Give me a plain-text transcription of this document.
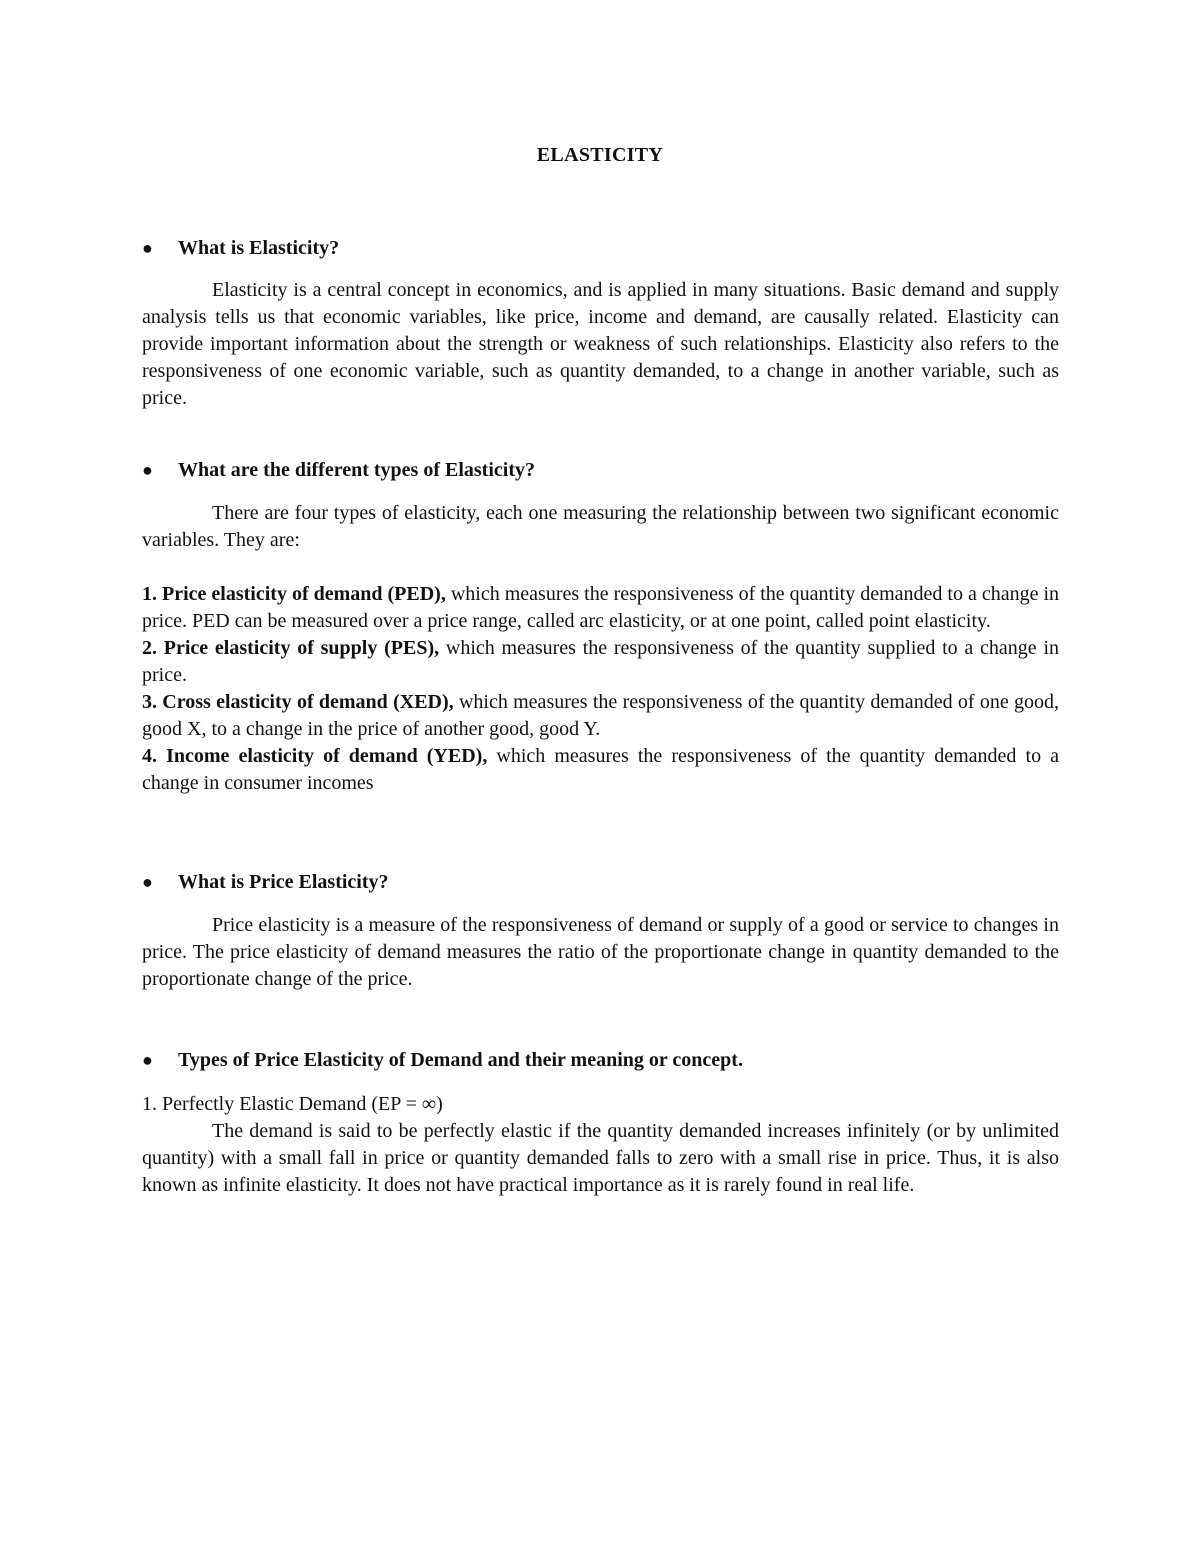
ELASTICITY
● What is Elasticity?

Elasticity is a central concept in economics, and is applied in many situations. Basic demand and supply analysis tells us that economic variables, like price, income and demand, are causally related. Elasticity can provide important information about the strength or weakness of such relationships. Elasticity also refers to the responsiveness of one economic variable, such as quantity demanded, to a change in another variable, such as price.

● What are the different types of Elasticity?

There are four types of elasticity, each one measuring the relationship between two significant economic variables. They are:

1. Price elasticity of demand (PED), which measures the responsiveness of the quantity demanded to a change in price. PED can be measured over a price range, called arc elasticity, or at one point, called point elasticity.
2. Price elasticity of supply (PES), which measures the responsiveness of the quantity supplied to a change in price.
3. Cross elasticity of demand (XED), which measures the responsiveness of the quantity demanded of one good, good X, to a change in the price of another good, good Y.
4. Income elasticity of demand (YED), which measures the responsiveness of the quantity demanded to a change in consumer incomes
● What is Price Elasticity?

Price elasticity is a measure of the responsiveness of demand or supply of a good or service to changes in price. The price elasticity of demand measures the ratio of the proportionate change in quantity demanded to the proportionate change of the price.

● Types of Price Elasticity of Demand and their meaning or concept.
1. Perfectly Elastic Demand (EP = ∞)

The demand is said to be perfectly elastic if the quantity demanded increases infinitely (or by unlimited quantity) with a small fall in price or quantity demanded falls to zero with a small rise in price. Thus, it is also known as infinite elasticity. It does not have practical importance as it is rarely found in real life.
